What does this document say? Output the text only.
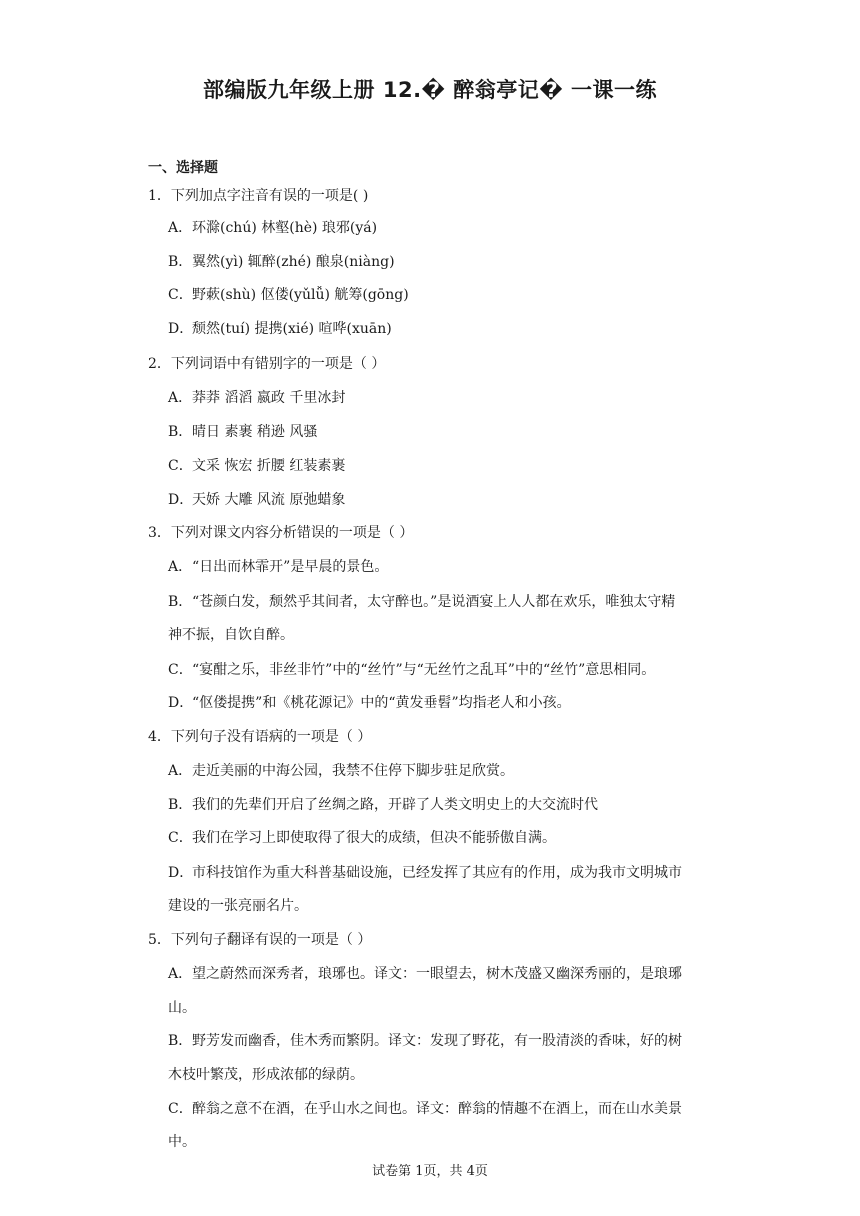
部编版九年级上册 12.� 醉翁亭记� 一课一练
一、选择题
1．下列加点字注音有误的一项是( )
A．环滁(chú) 林壑(hè) 琅邪(yá)
B．翼然(yì) 辄醉(zhé) 酿泉(niàng)
C．野蔌(shù) 伛偻(yǔlǚ) 觥筹(gōng)
D．颓然(tuí) 提携(xié) 喧哗(xuān)
2．下列词语中有错别字的一项是（ ）
A．莽莽 滔滔 嬴政 千里冰封
B．晴日 素裹 稍逊 风骚
C．文采 恢宏 折腰 红装素裹
D．天娇 大雕 风流 原弛蜡象
3．下列对课文内容分析错误的一项是（ ）
A．“日出而林霏开”是早晨的景色。
B．“苍颜白发，颓然乎其间者，太守醉也。”是说酒宴上人人都在欢乐，唯独太守精
神不振，自饮自醉。
C．“宴酣之乐，非丝非竹”中的“丝竹”与“无丝竹之乱耳”中的“丝竹”意思相同。
D．“伛偻提携”和《桃花源记》中的“黄发垂髫”均指老人和小孩。
4．下列句子没有语病的一项是（ ）
A．走近美丽的中海公园，我禁不住停下脚步驻足欣赏。
B．我们的先辈们开启了丝绸之路，开辟了人类文明史上的大交流时代
C．我们在学习上即使取得了很大的成绩，但决不能骄傲自满。
D．市科技馆作为重大科普基础设施，已经发挥了其应有的作用，成为我市文明城市
建设的一张亮丽名片。
5．下列句子翻译有误的一项是（ ）
A．望之蔚然而深秀者，琅琊也。译文：一眼望去，树木茂盛又幽深秀丽的，是琅琊
山。
B．野芳发而幽香，佳木秀而繁阴。译文：发现了野花，有一股清淡的香味，好的树
木枝叶繁茂，形成浓郁的绿荫。
C．醉翁之意不在酒，在乎山水之间也。译文：醉翁的情趣不在酒上，而在山水美景
中。
试卷第 1页，共 4页
